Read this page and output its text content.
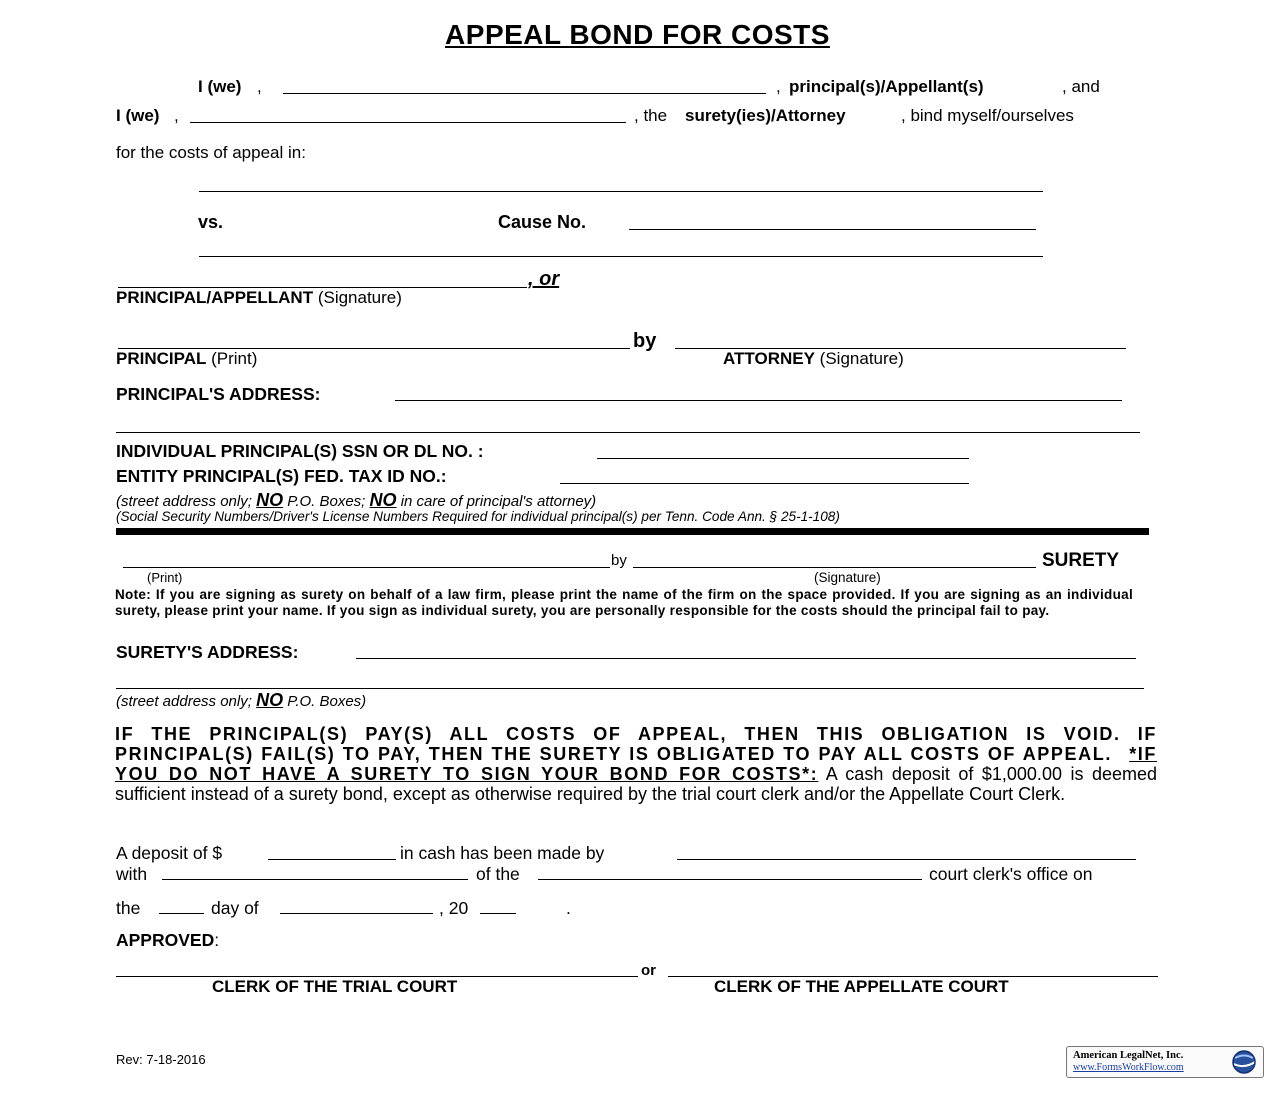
APPEAL BOND FOR COSTS
I (we) ,	, principal(s)/Appellant(s)	, and
I (we) ,	, the surety(ies)/Attorney	, bind myself/ourselves
for the costs of appeal in:
vs.	Cause No.
, or
PRINCIPAL/APPELLANT (Signature)
by
PRINCIPAL (Print)	ATTORNEY (Signature)
PRINCIPAL'S ADDRESS:
INDIVIDUAL PRINCIPAL(S) SSN OR DL NO. :
ENTITY PRINCIPAL(S) FED. TAX ID NO.:
(street address only; NO P.O. Boxes; NO in care of principal's attorney)
(Social Security Numbers/Driver's License Numbers Required for individual principal(s) per Tenn. Code Ann. § 25-1-108)
by	SURETY
(Print)	(Signature)
Note: If you are signing as surety on behalf of a law firm, please print the name of the firm on the space provided. If you are signing as an individual surety, please print your name. If you sign as individual surety, you are personally responsible for the costs should the principal fail to pay.
SURETY'S ADDRESS:
(street address only; NO P.O. Boxes)
IF THE PRINCIPAL(S) PAY(S) ALL COSTS OF APPEAL, THEN THIS OBLIGATION IS VOID. IF PRINCIPAL(S) FAIL(S) TO PAY, THEN THE SURETY IS OBLIGATED TO PAY ALL COSTS OF APPEAL. *IF YOU DO NOT HAVE A SURETY TO SIGN YOUR BOND FOR COSTS*: A cash deposit of $1,000.00 is deemed sufficient instead of a surety bond, except as otherwise required by the trial court clerk and/or the Appellate Court Clerk.
A deposit of $	in cash has been made by
with	of the	court clerk's office on
the	day of	, 20	.
APPROVED:
or
CLERK OF THE TRIAL COURT	CLERK OF THE APPELLATE COURT
Rev: 7-18-2016	American LegalNet, Inc.
www.FormsWorkFlow.com
